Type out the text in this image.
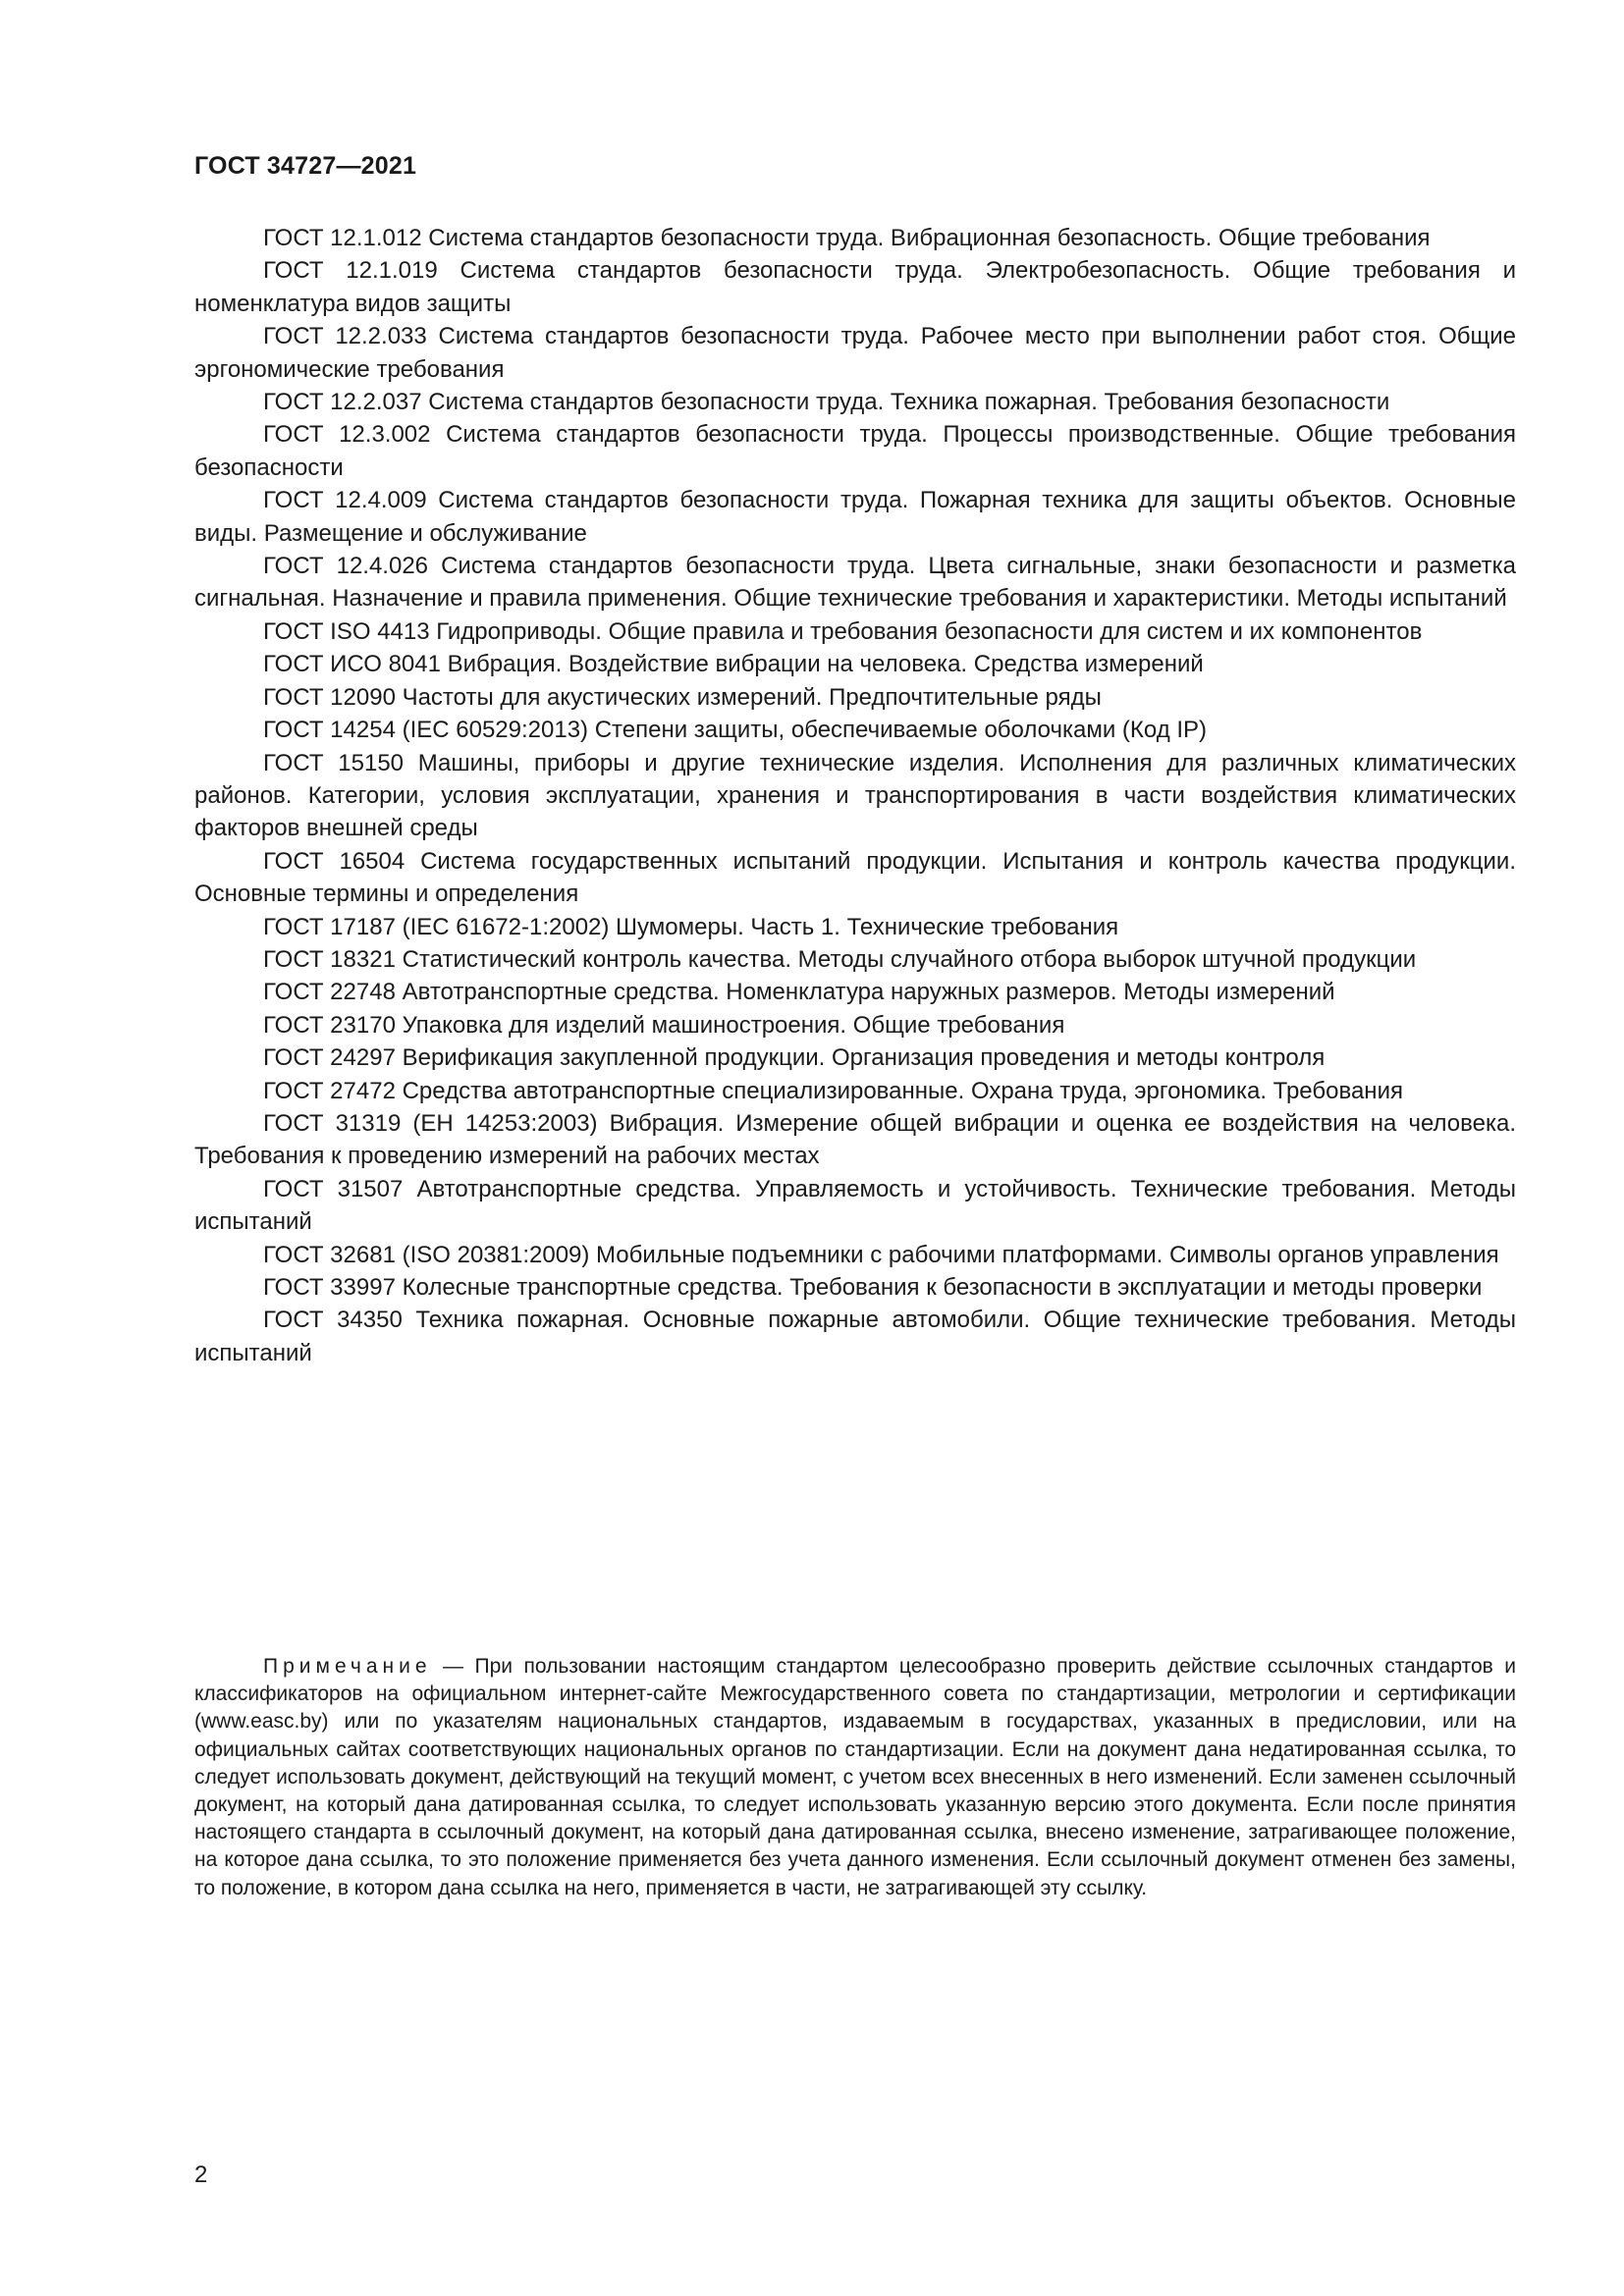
ГОСТ 34727—2021

ГОСТ 12.1.012 Система стандартов безопасности труда. Вибрационная безопасность. Общие требования

ГОСТ 12.1.019 Система стандартов безопасности труда. Электробезопасность. Общие требования и номенклатура видов защиты

ГОСТ 12.2.033 Система стандартов безопасности труда. Рабочее место при выполнении работ стоя. Общие эргономические требования

ГОСТ 12.2.037 Система стандартов безопасности труда. Техника пожарная. Требования безопасности

ГОСТ 12.3.002 Система стандартов безопасности труда. Процессы производственные. Общие требования безопасности

ГОСТ 12.4.009 Система стандартов безопасности труда. Пожарная техника для защиты объектов. Основные виды. Размещение и обслуживание

ГОСТ 12.4.026 Система стандартов безопасности труда. Цвета сигнальные, знаки безопасности и разметка сигнальная. Назначение и правила применения. Общие технические требования и характеристики. Методы испытаний

ГОСТ ISO 4413 Гидроприводы. Общие правила и требования безопасности для систем и их компонентов

ГОСТ ИСО 8041 Вибрация. Воздействие вибрации на человека. Средства измерений

ГОСТ 12090 Частоты для акустических измерений. Предпочтительные ряды

ГОСТ 14254 (IEC 60529:2013) Степени защиты, обеспечиваемые оболочками (Код IP)

ГОСТ 15150 Машины, приборы и другие технические изделия. Исполнения для различных климатических районов. Категории, условия эксплуатации, хранения и транспортирования в части воздействия климатических факторов внешней среды

ГОСТ 16504 Система государственных испытаний продукции. Испытания и контроль качества продукции. Основные термины и определения

ГОСТ 17187 (IEC 61672-1:2002) Шумомеры. Часть 1. Технические требования

ГОСТ 18321 Статистический контроль качества. Методы случайного отбора выборок штучной продукции

ГОСТ 22748 Автотранспортные средства. Номенклатура наружных размеров. Методы измерений

ГОСТ 23170 Упаковка для изделий машиностроения. Общие требования

ГОСТ 24297 Верификация закупленной продукции. Организация проведения и методы контроля

ГОСТ 27472 Средства автотранспортные специализированные. Охрана труда, эргономика. Требования

ГОСТ 31319 (ЕН 14253:2003) Вибрация. Измерение общей вибрации и оценка ее воздействия на человека. Требования к проведению измерений на рабочих местах

ГОСТ 31507 Автотранспортные средства. Управляемость и устойчивость. Технические требования. Методы испытаний

ГОСТ 32681 (ISO 20381:2009) Мобильные подъемники с рабочими платформами. Символы органов управления

ГОСТ 33997 Колесные транспортные средства. Требования к безопасности в эксплуатации и методы проверки

ГОСТ 34350 Техника пожарная. Основные пожарные автомобили. Общие технические требования. Методы испытаний

Примечание — При пользовании настоящим стандартом целесообразно проверить действие ссылочных стандартов и классификаторов на официальном интернет-сайте Межгосударственного совета по стандартизации, метрологии и сертификации (www.easc.by) или по указателям национальных стандартов, издаваемым в государствах, указанных в предисловии, или на официальных сайтах соответствующих национальных органов по стандартизации. Если на документ дана недатированная ссылка, то следует использовать документ, действующий на текущий момент, с учетом всех внесенных в него изменений. Если заменен ссылочный документ, на который дана датированная ссылка, то следует использовать указанную версию этого документа. Если после принятия настоящего стандарта в ссылочный документ, на который дана датированная ссылка, внесено изменение, затрагивающее положение, на которое дана ссылка, то это положение применяется без учета данного изменения. Если ссылочный документ отменен без замены, то положение, в котором дана ссылка на него, применяется в части, не затрагивающей эту ссылку.

2
